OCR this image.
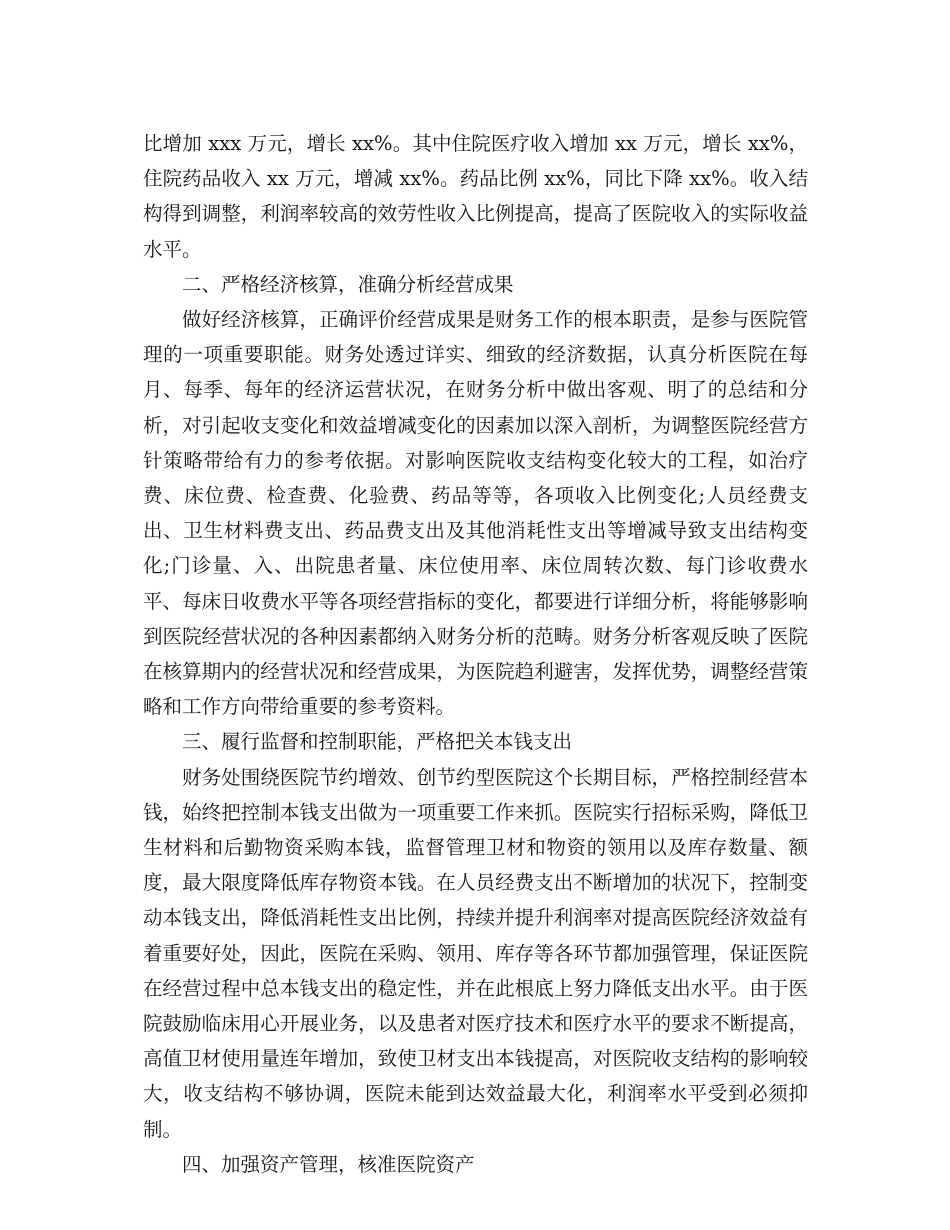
比增加 xxx 万元，增长 xx%。其中住院医疗收入增加 xx 万元，增长 xx%，住院药品收入 xx 万元，增减 xx%。药品比例 xx%，同比下降 xx%。收入结构得到调整，利润率较高的效劳性收入比例提高，提高了医院收入的实际收益水平。

二、严格经济核算，准确分析经营成果

做好经济核算，正确评价经营成果是财务工作的根本职责，是参与医院管理的一项重要职能。财务处透过详实、细致的经济数据，认真分析医院在每月、每季、每年的经济运营状况，在财务分析中做出客观、明了的总结和分析，对引起收支变化和效益增减变化的因素加以深入剖析，为调整医院经营方针策略带给有力的参考依据。对影响医院收支结构变化较大的工程，如治疗费、床位费、检查费、化验费、药品等等，各项收入比例变化;人员经费支出、卫生材料费支出、药品费支出及其他消耗性支出等增减导致支出结构变化;门诊量、入、出院患者量、床位使用率、床位周转次数、每门诊收费水平、每床日收费水平等各项经营指标的变化，都要进行详细分析，将能够影响到医院经营状况的各种因素都纳入财务分析的范畴。财务分析客观反映了医院在核算期内的经营状况和经营成果，为医院趋利避害，发挥优势，调整经营策略和工作方向带给重要的参考资料。

三、履行监督和控制职能，严格把关本钱支出

财务处围绕医院节约增效、创节约型医院这个长期目标，严格控制经营本钱，始终把控制本钱支出做为一项重要工作来抓。医院实行招标采购，降低卫生材料和后勤物资采购本钱，监督管理卫材和物资的领用以及库存数量、额度，最大限度降低库存物资本钱。在人员经费支出不断增加的状况下，控制变动本钱支出，降低消耗性支出比例，持续并提升利润率对提高医院经济效益有着重要好处，因此，医院在采购、领用、库存等各环节都加强管理，保证医院在经营过程中总本钱支出的稳定性，并在此根底上努力降低支出水平。由于医院鼓励临床用心开展业务，以及患者对医疗技术和医疗水平的要求不断提高，高值卫材使用量连年增加，致使卫材支出本钱提高，对医院收支结构的影响较大，收支结构不够协调，医院未能到达效益最大化，利润率水平受到必须抑制。

四、加强资产管理，核准医院资产
